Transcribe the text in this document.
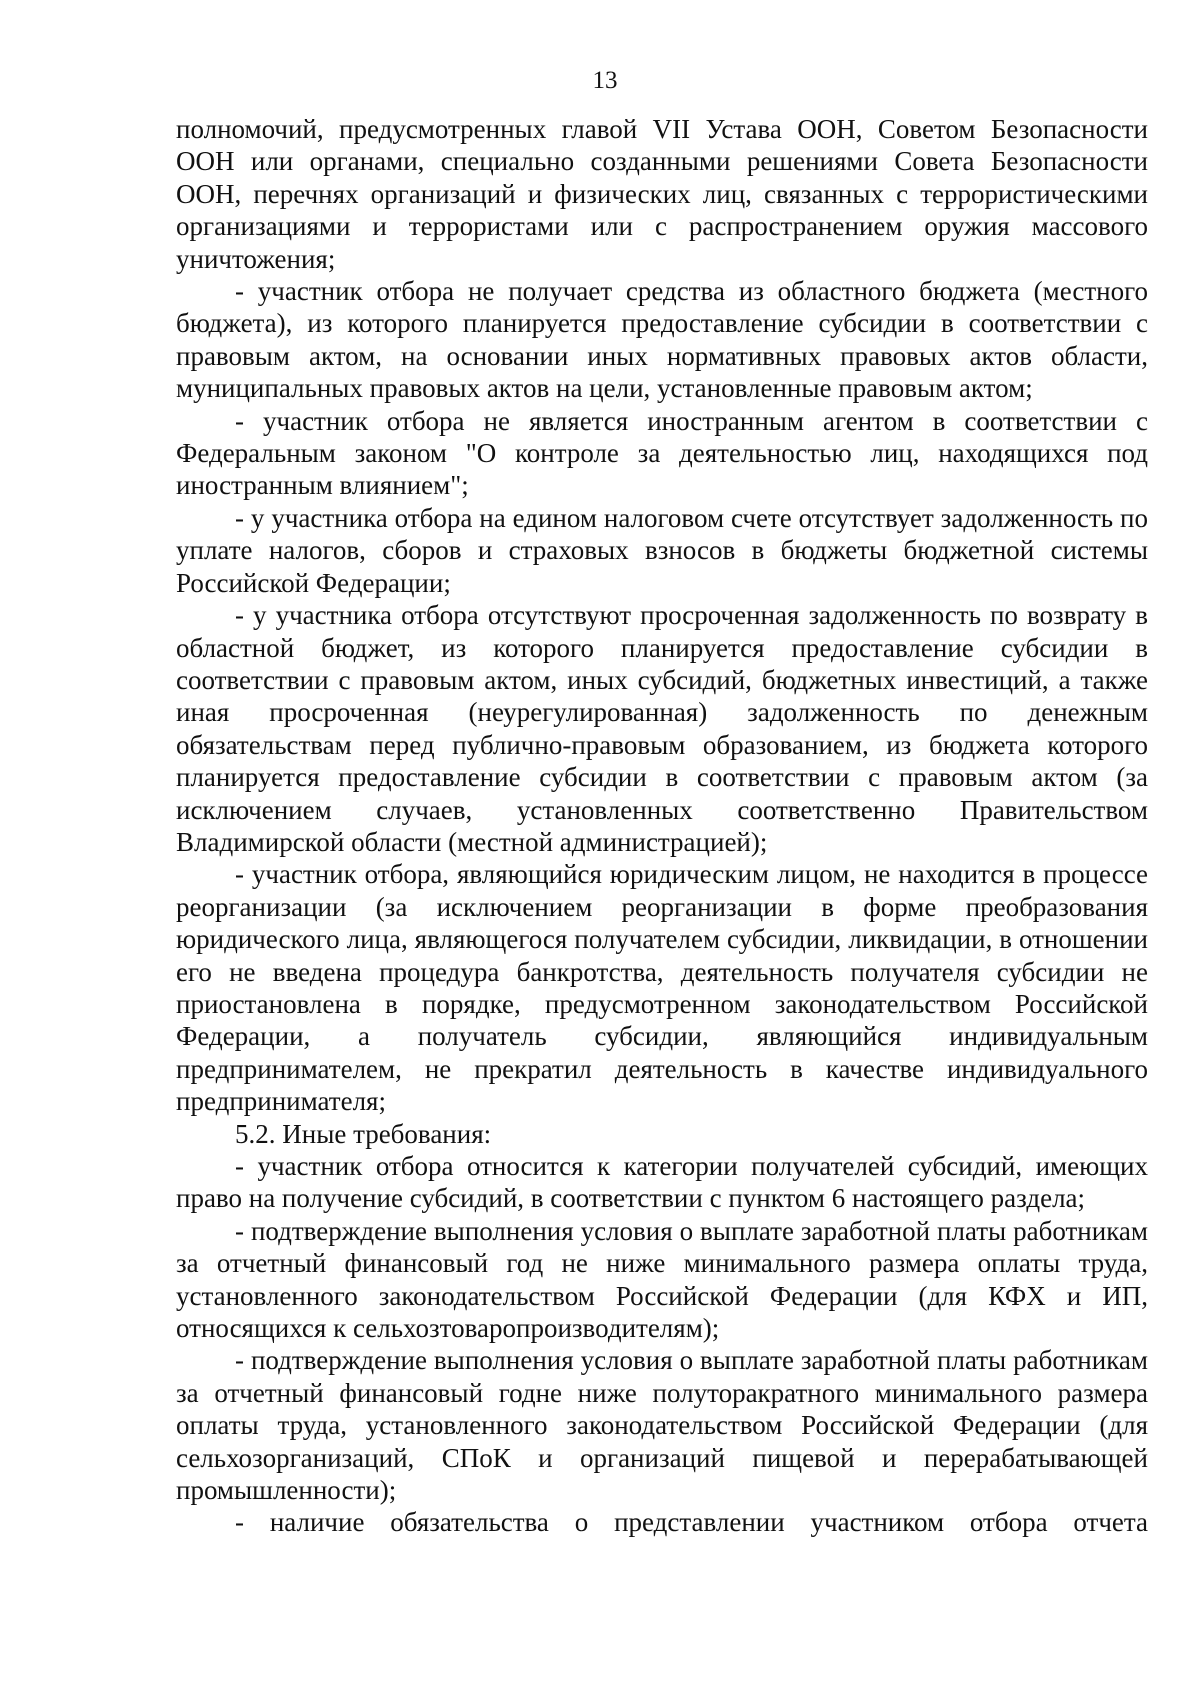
13

полномочий, предусмотренных главой VII Устава ООН, Советом Безопасности ООН или органами, специально созданными решениями Совета Безопасности ООН, перечнях организаций и физических лиц, связанных с террористическими организациями и террористами или с распространением оружия массового уничтожения;

- участник отбора не получает средства из областного бюджета (местного бюджета), из которого планируется предоставление субсидии в соответствии с правовым актом, на основании иных нормативных правовых актов области, муниципальных правовых актов на цели, установленные правовым актом;

- участник отбора не является иностранным агентом в соответствии с Федеральным законом "О контроле за деятельностью лиц, находящихся под иностранным влиянием";

- у участника отбора на едином налоговом счете отсутствует задолженность по уплате налогов, сборов и страховых взносов в бюджеты бюджетной системы Российской Федерации;

- у участника отбора отсутствуют просроченная задолженность по возврату в областной бюджет, из которого планируется предоставление субсидии в соответствии с правовым актом, иных субсидий, бюджетных инвестиций, а также иная просроченная (неурегулированная) задолженность по денежным обязательствам перед публично-правовым образованием, из бюджета которого планируется предоставление субсидии в соответствии с правовым актом (за исключением случаев, установленных соответственно Правительством Владимирской области (местной администрацией);

- участник отбора, являющийся юридическим лицом, не находится в процессе реорганизации (за исключением реорганизации в форме преобразования юридического лица, являющегося получателем субсидии, ликвидации, в отношении его не введена процедура банкротства, деятельность получателя субсидии не приостановлена в порядке, предусмотренном законодательством Российской Федерации, а получатель субсидии, являющийся индивидуальным предпринимателем, не прекратил деятельность в качестве индивидуального предпринимателя;

5.2. Иные требования:

- участник отбора относится к категории получателей субсидий, имеющих право на получение субсидий, в соответствии с пунктом 6 настоящего раздела;

- подтверждение выполнения условия о выплате заработной платы работникам за отчетный финансовый год не ниже минимального размера оплаты труда, установленного законодательством Российской Федерации (для КФХ и ИП, относящихся к сельхозтоваропроизводителям);

- подтверждение выполнения условия о выплате заработной платы работникам за отчетный финансовый годне ниже полуторакратного минимального размера оплаты труда, установленного законодательством Российской Федерации (для сельхозорганизаций, СПоК и организаций пищевой и перерабатывающей промышленности);

- наличие обязательства о представлении участником отбора отчета
